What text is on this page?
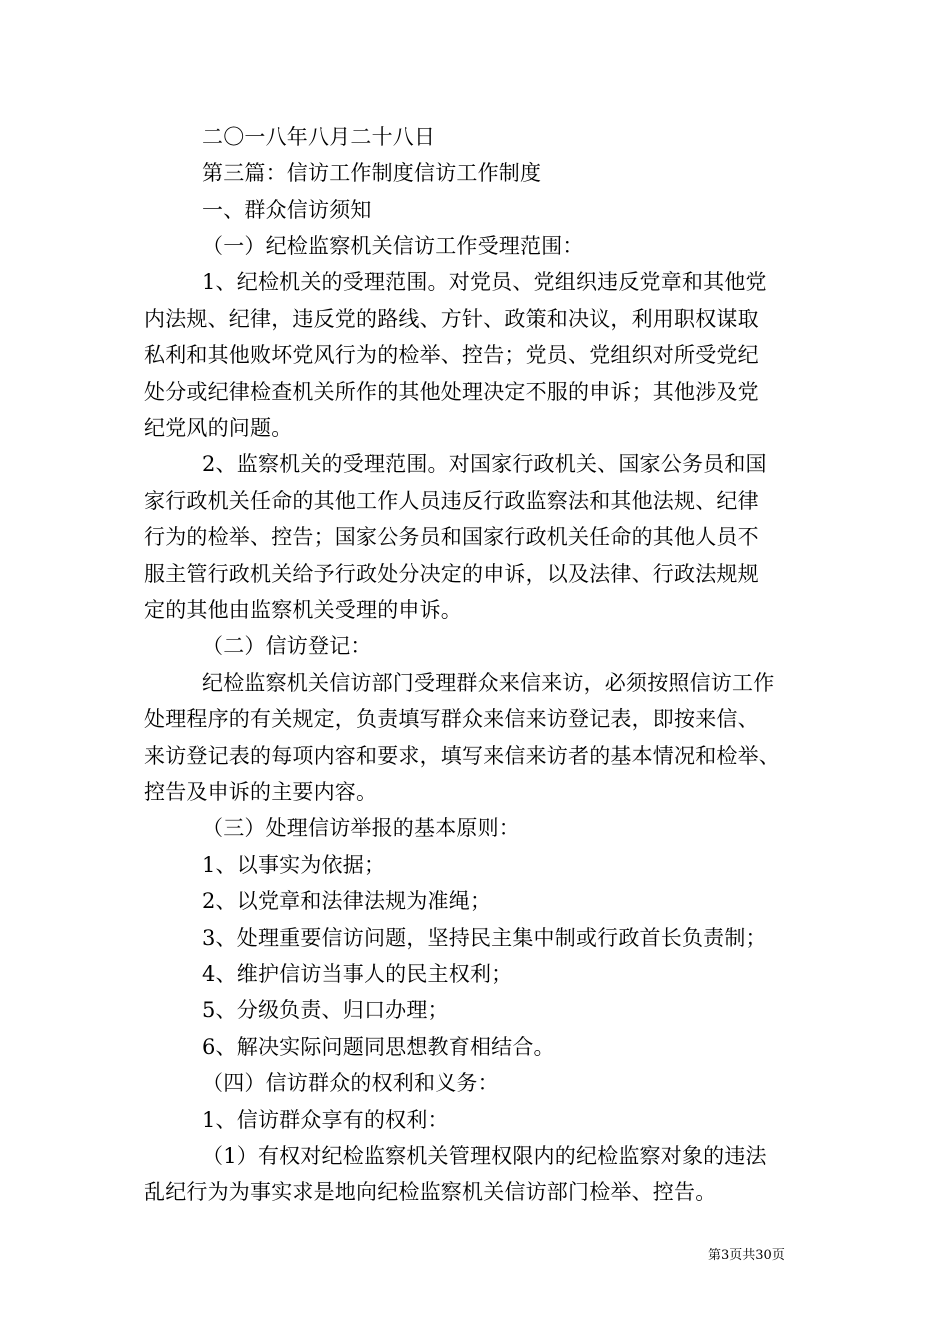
二〇一八年八月二十八日
第三篇：信访工作制度信访工作制度
一、群众信访须知
（一）纪检监察机关信访工作受理范围：
1、纪检机关的受理范围。对党员、党组织违反党章和其他党
内法规、纪律，违反党的路线、方针、政策和决议，利用职权谋取
私利和其他败坏党风行为的检举、控告；党员、党组织对所受党纪
处分或纪律检查机关所作的其他处理决定不服的申诉；其他涉及党
纪党风的问题。
2、监察机关的受理范围。对国家行政机关、国家公务员和国
家行政机关任命的其他工作人员违反行政监察法和其他法规、纪律
行为的检举、控告；国家公务员和国家行政机关任命的其他人员不
服主管行政机关给予行政处分决定的申诉，以及法律、行政法规规
定的其他由监察机关受理的申诉。
（二）信访登记：
纪检监察机关信访部门受理群众来信来访，必须按照信访工作
处理程序的有关规定，负责填写群众来信来访登记表，即按来信、
来访登记表的每项内容和要求，填写来信来访者的基本情况和检举、
控告及申诉的主要内容。
（三）处理信访举报的基本原则：
1、以事实为依据；
2、以党章和法律法规为准绳；
3、处理重要信访问题，坚持民主集中制或行政首长负责制；
4、维护信访当事人的民主权利；
5、分级负责、归口办理；
6、解决实际问题同思想教育相结合。
（四）信访群众的权利和义务：
1、信访群众享有的权利：
（1）有权对纪检监察机关管理权限内的纪检监察对象的违法
乱纪行为为事实求是地向纪检监察机关信访部门检举、控告。
第3页共30页
